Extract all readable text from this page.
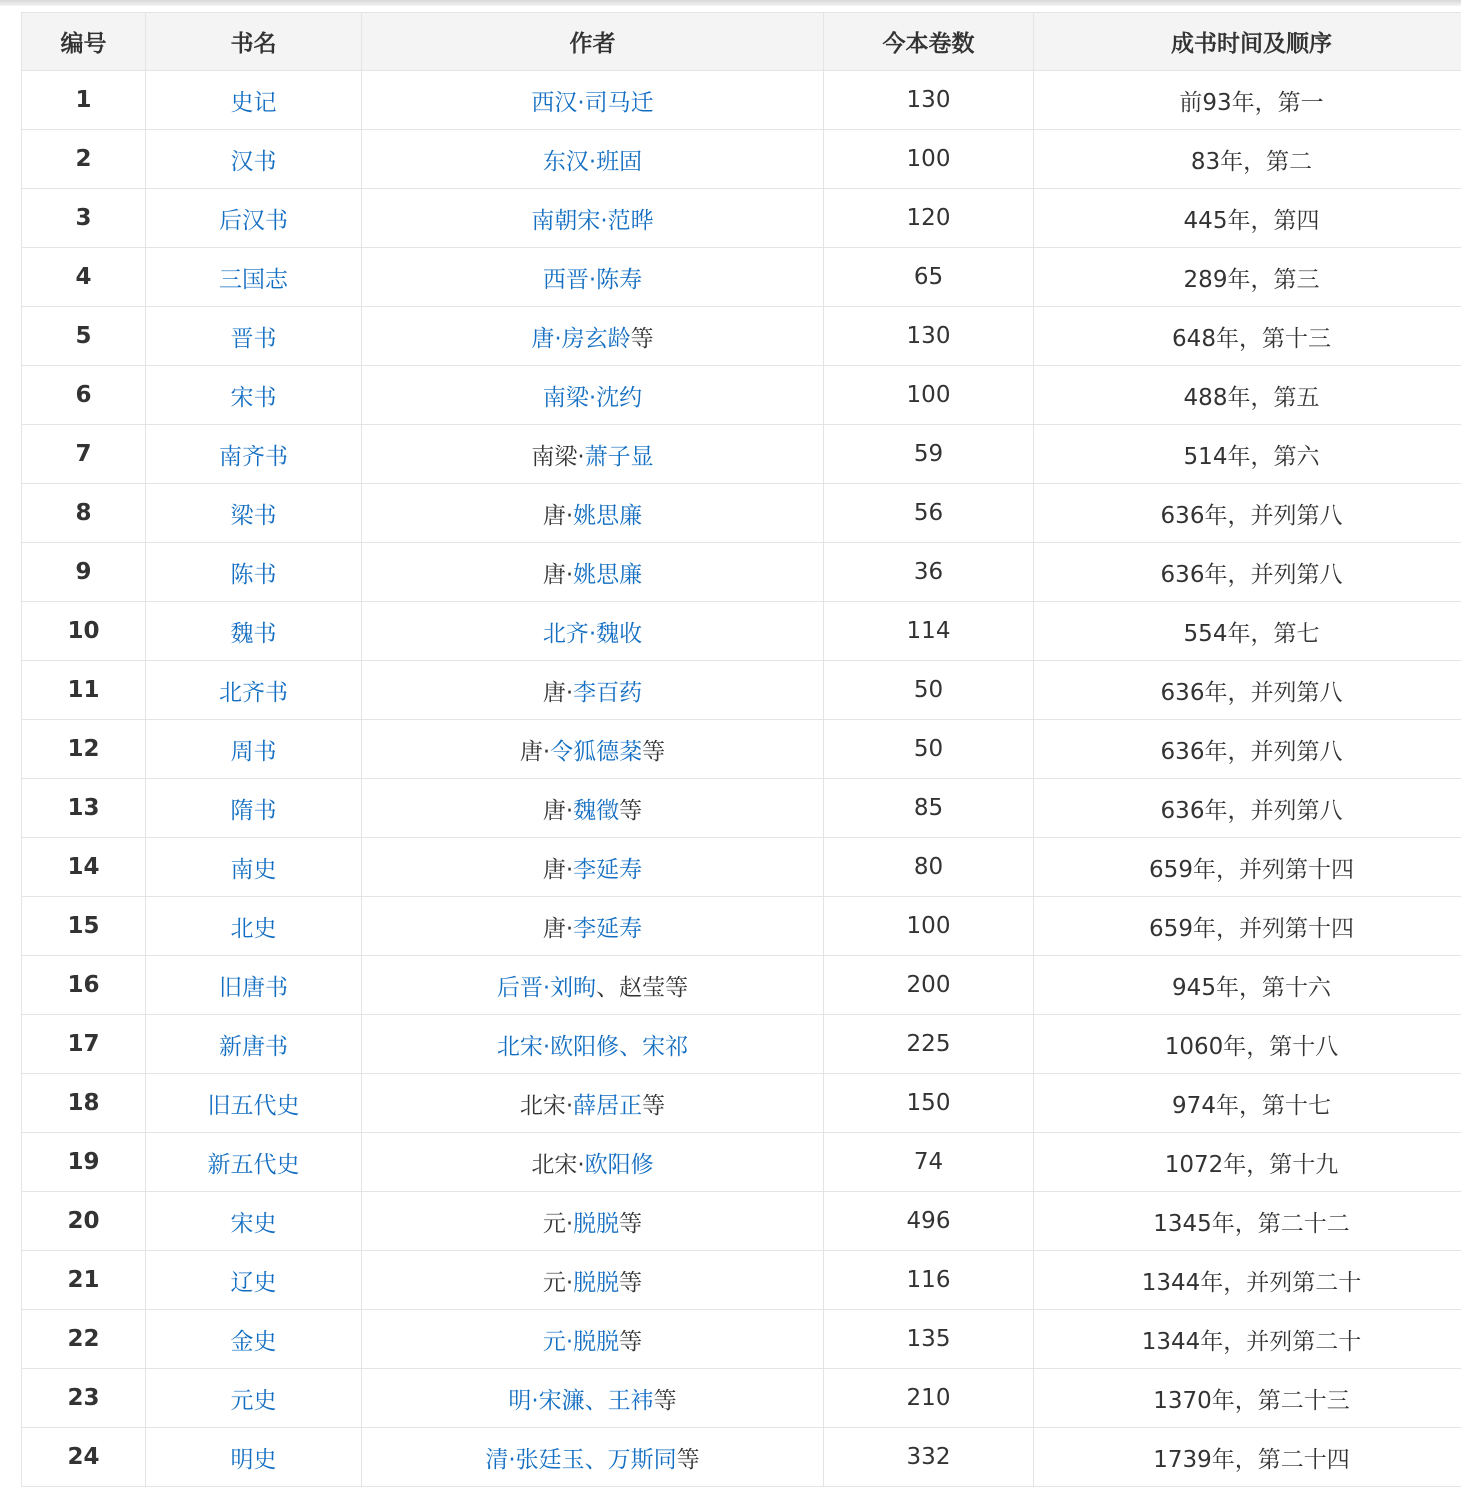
编号	书名	作者	今本卷数	成书时间及顺序
1	史记	西汉·司马迁	130	前93年，第一
2	汉书	东汉·班固	100	83年，第二
3	后汉书	南朝宋·范晔	120	445年，第四
4	三国志	西晋·陈寿	65	289年，第三
5	晋书	唐·房玄龄等	130	648年，第十三
6	宋书	南梁·沈约	100	488年，第五
7	南齐书	南梁·萧子显	59	514年，第六
8	梁书	唐·姚思廉	56	636年，并列第八
9	陈书	唐·姚思廉	36	636年，并列第八
10	魏书	北齐·魏收	114	554年，第七
11	北齐书	唐·李百药	50	636年，并列第八
12	周书	唐·令狐德棻等	50	636年，并列第八
13	隋书	唐·魏徵等	85	636年，并列第八
14	南史	唐·李延寿	80	659年，并列第十四
15	北史	唐·李延寿	100	659年，并列第十四
16	旧唐书	后晋·刘昫、赵莹等	200	945年，第十六
17	新唐书	北宋·欧阳修、宋祁	225	1060年，第十八
18	旧五代史	北宋·薛居正等	150	974年，第十七
19	新五代史	北宋·欧阳修	74	1072年，第十九
20	宋史	元·脱脱等	496	1345年，第二十二
21	辽史	元·脱脱等	116	1344年，并列第二十
22	金史	元·脱脱等	135	1344年，并列第二十
23	元史	明·宋濂、王袆等	210	1370年，第二十三
24	明史	清·张廷玉、万斯同等	332	1739年，第二十四
